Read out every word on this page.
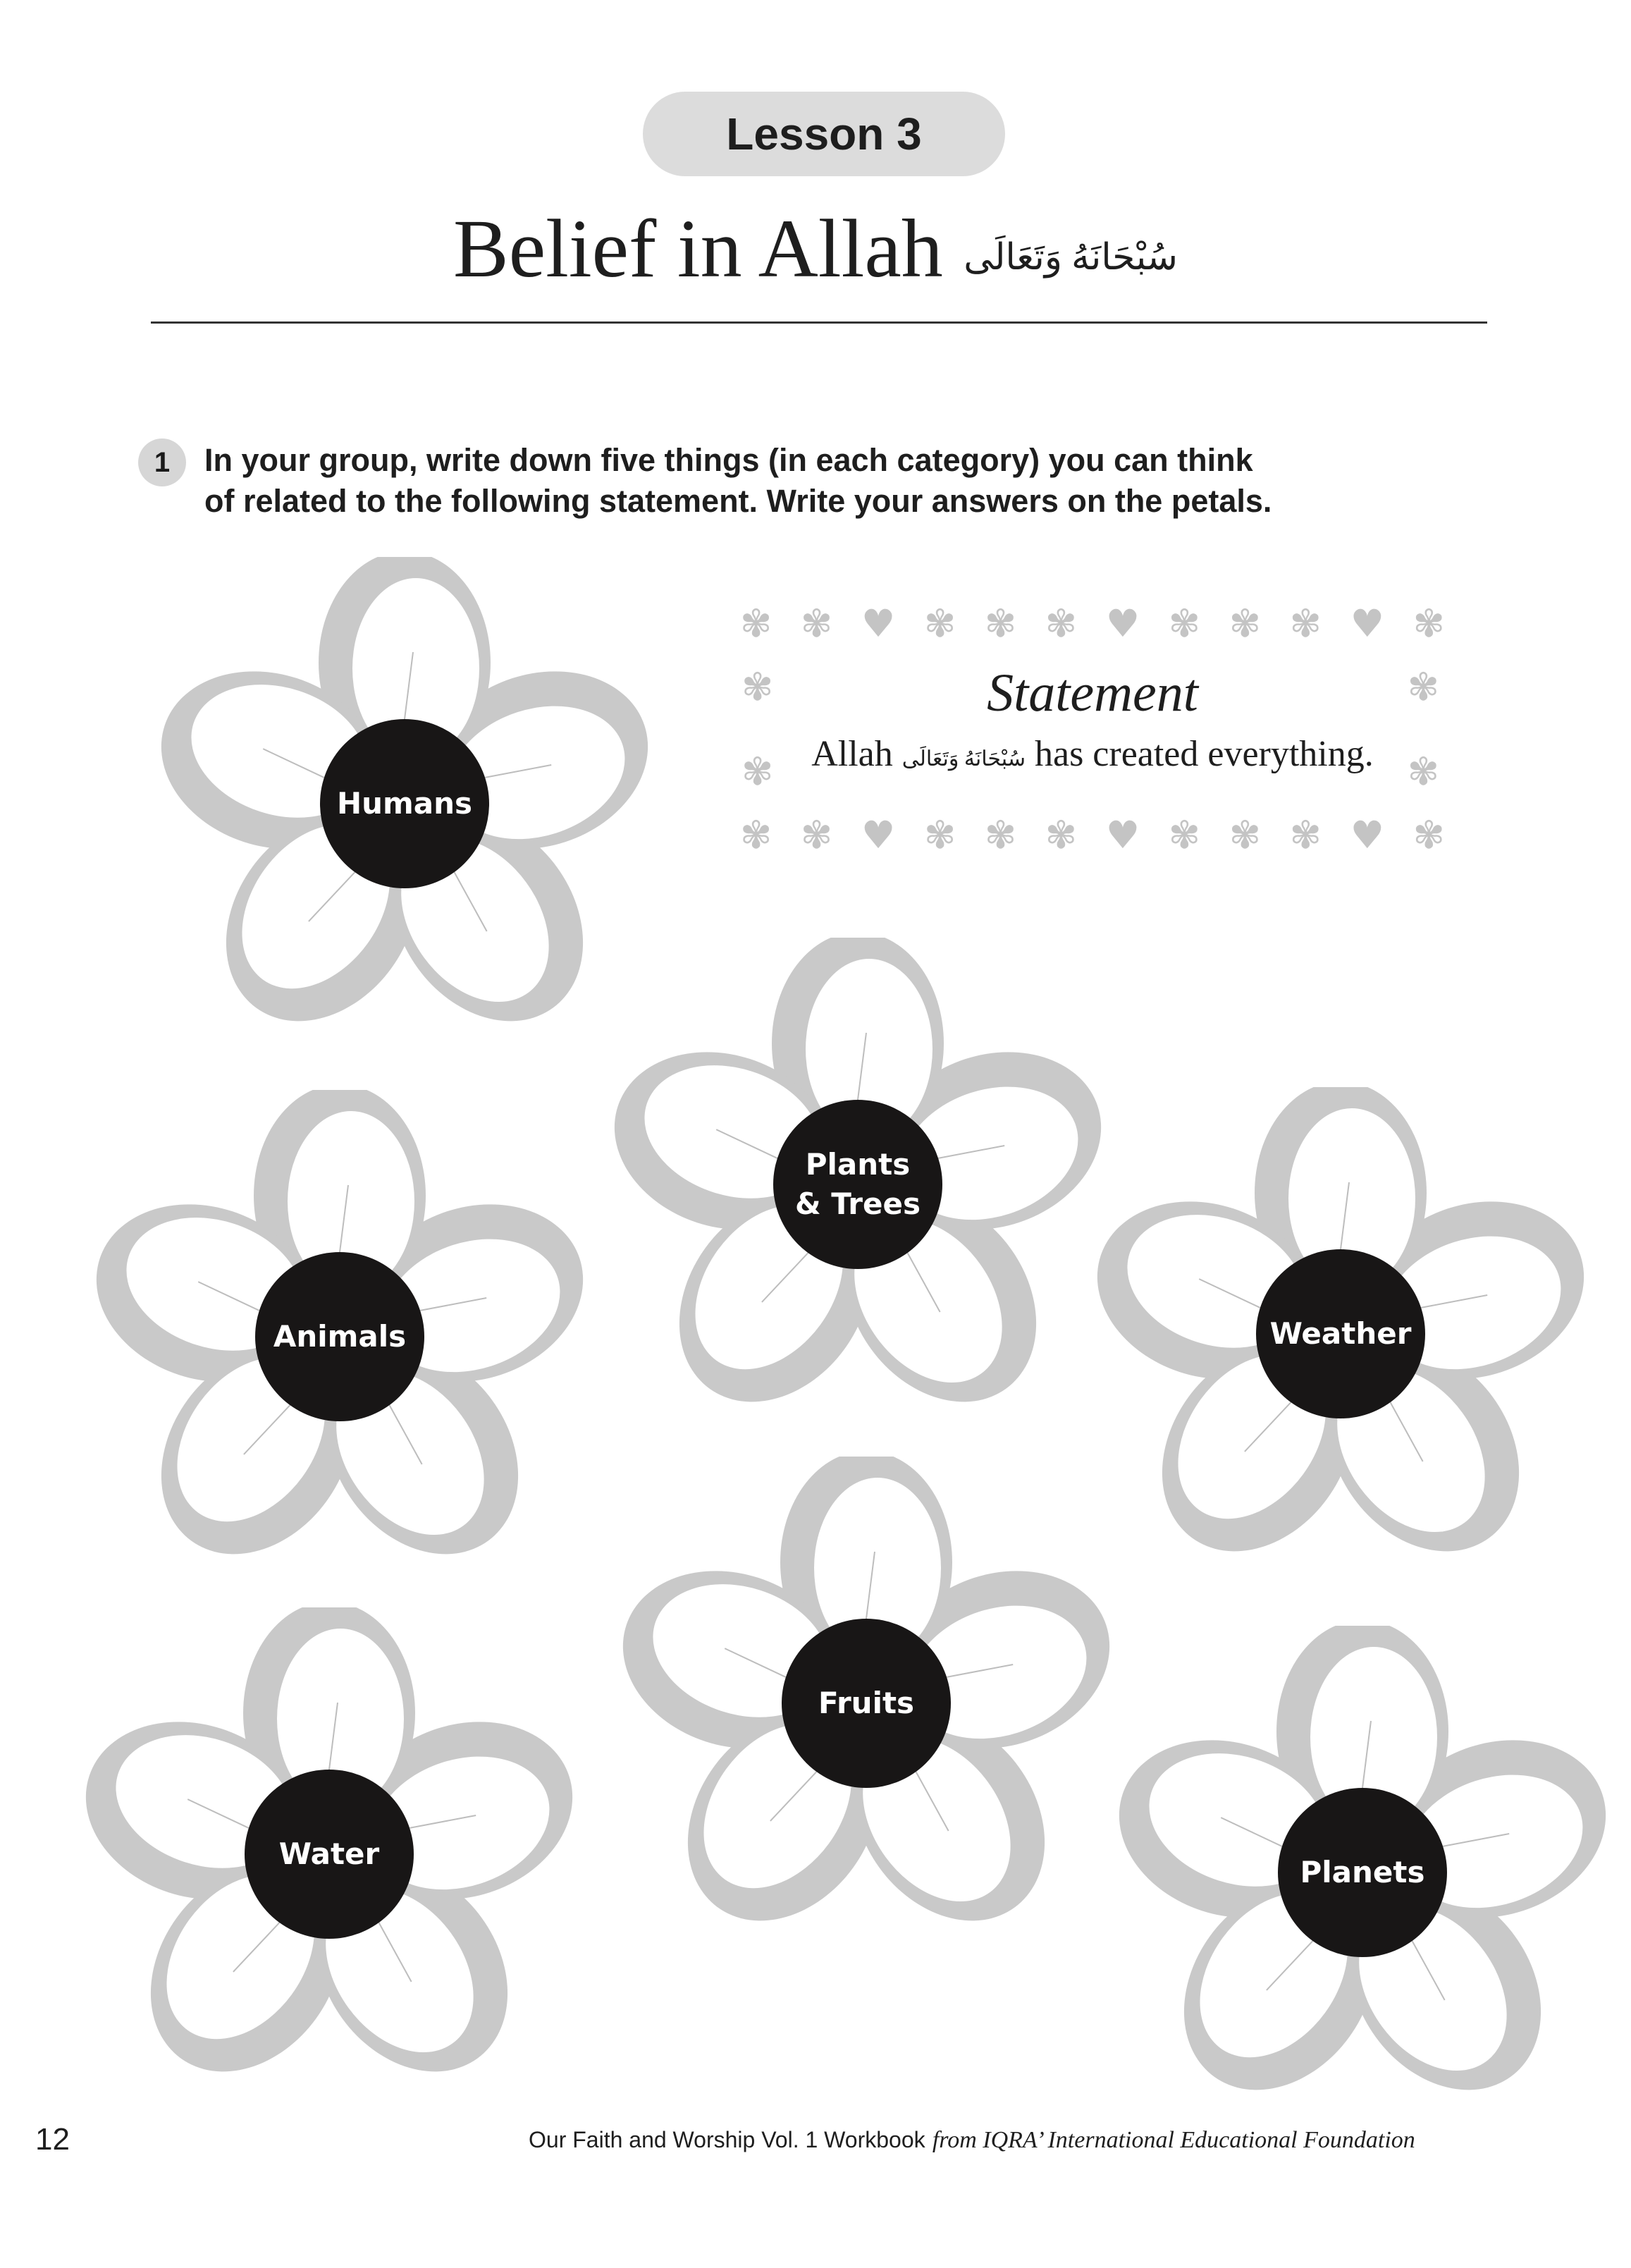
Lesson 3
Belief in Allah سُبْحَانَهُ وَتَعَالَى
1	In your group, write down five things (in each category) you can think
of related to the following statement. Write your answers on the petals.
✾ ✾ ♥ ✾ ✾ ✾ ♥ ✾ ✾ ✾ ♥ ✾
✾
✾
✾
✾
✾ ✾ ♥ ✾ ✾ ✾ ♥ ✾ ✾ ✾ ♥ ✾
Statement
Allah سُبْحَانَهُ وَتَعَالَى has created everything.
Humans
Plants
& Trees
Animals	Weather
Fruits
Water
Planets
12	Our Faith and Worship Vol. 1 Workbook from IQRA’ International Educational Foundation
